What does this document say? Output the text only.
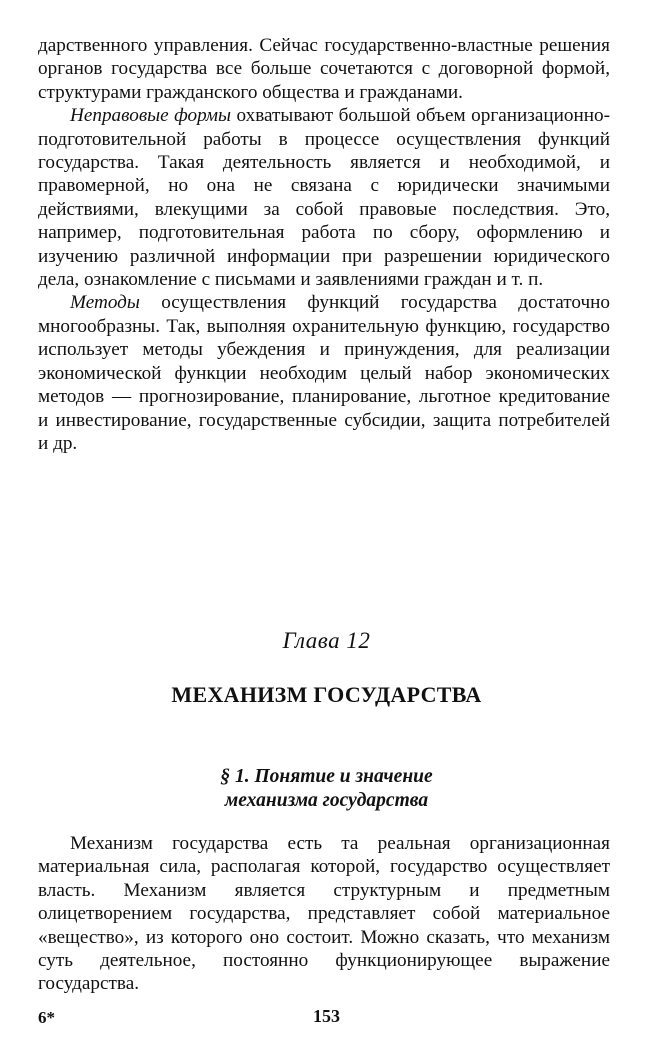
дарственного управления. Сейчас государственно-властные решения органов государства все больше сочетаются с договорной формой, структурами гражданского общества и гражданами.

Неправовые формы охватывают большой объем организационно-подготовительной работы в процессе осуществления функций государства. Такая деятельность является и необходимой, и правомерной, но она не связана с юридически значимыми действиями, влекущими за собой правовые последствия. Это, например, подготовительная работа по сбору, оформлению и изучению различной информации при разрешении юридического дела, ознакомление с письмами и заявлениями граждан и т. п.

Методы осуществления функций государства достаточно многообразны. Так, выполняя охранительную функцию, государство использует методы убеждения и принуждения, для реализации экономической функции необходим целый набор экономических методов — прогнозирование, планирование, льготное кредитование и инвестирование, государственные субсидии, защита потребителей и др.

Глава 12
МЕХАНИЗМ ГОСУДАРСТВА
§ 1. Понятие и значение
механизма государства

Механизм государства есть та реальная организационная материальная сила, располагая которой, государство осуществляет власть. Механизм является структурным и предметным олицетворением государства, представляет собой материальное «вещество», из которого оно состоит. Можно сказать, что механизм суть деятельное, постоянно функционирующее выражение государства.

6*	153
